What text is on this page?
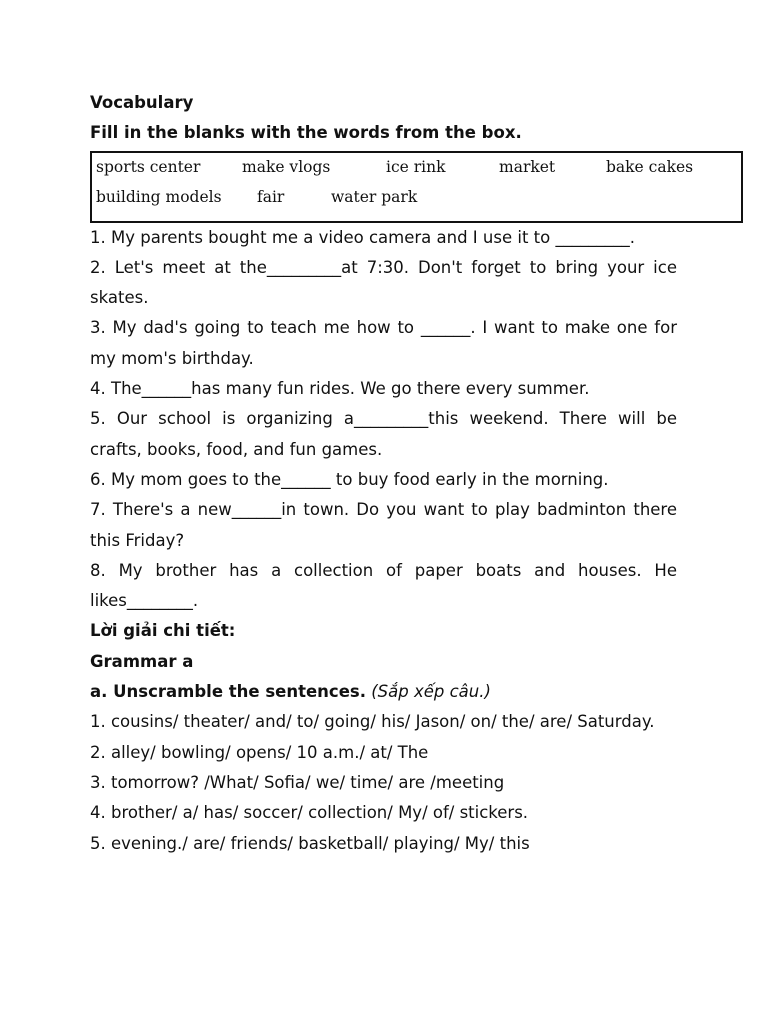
Vocabulary

Fill in the blanks with the words from the box.

sports center	make vlogs	ice rink	market	bake cakes
building models fair	water park

1. My parents bought me a video camera and I use it to _________.

2. Let's meet at the_________at 7:30. Don't forget to bring your ice skates.

3. My dad's going to teach me how to ______. I want to make one for my mom's birthday.

4. The______has many fun rides. We go there every summer.

5. Our school is organizing a_________this weekend. There will be crafts, books, food, and fun games.

6. My mom goes to the______ to buy food early in the morning.

7. There's a new______in town. Do you want to play badminton there this Friday?

8. My brother has a collection of paper boats and houses. He likes________.

Lời giải chi tiết:

Grammar a

a. Unscramble the sentences. (Sắp xếp câu.)

1. cousins/ theater/ and/ to/ going/ his/ Jason/ on/ the/ are/ Saturday.

2. alley/ bowling/ opens/ 10 a.m./ at/ The

3. tomorrow? /What/ Sofia/ we/ time/ are /meeting

4. brother/ a/ has/ soccer/ collection/ My/ of/ stickers.

5. evening./ are/ friends/ basketball/ playing/ My/ this
